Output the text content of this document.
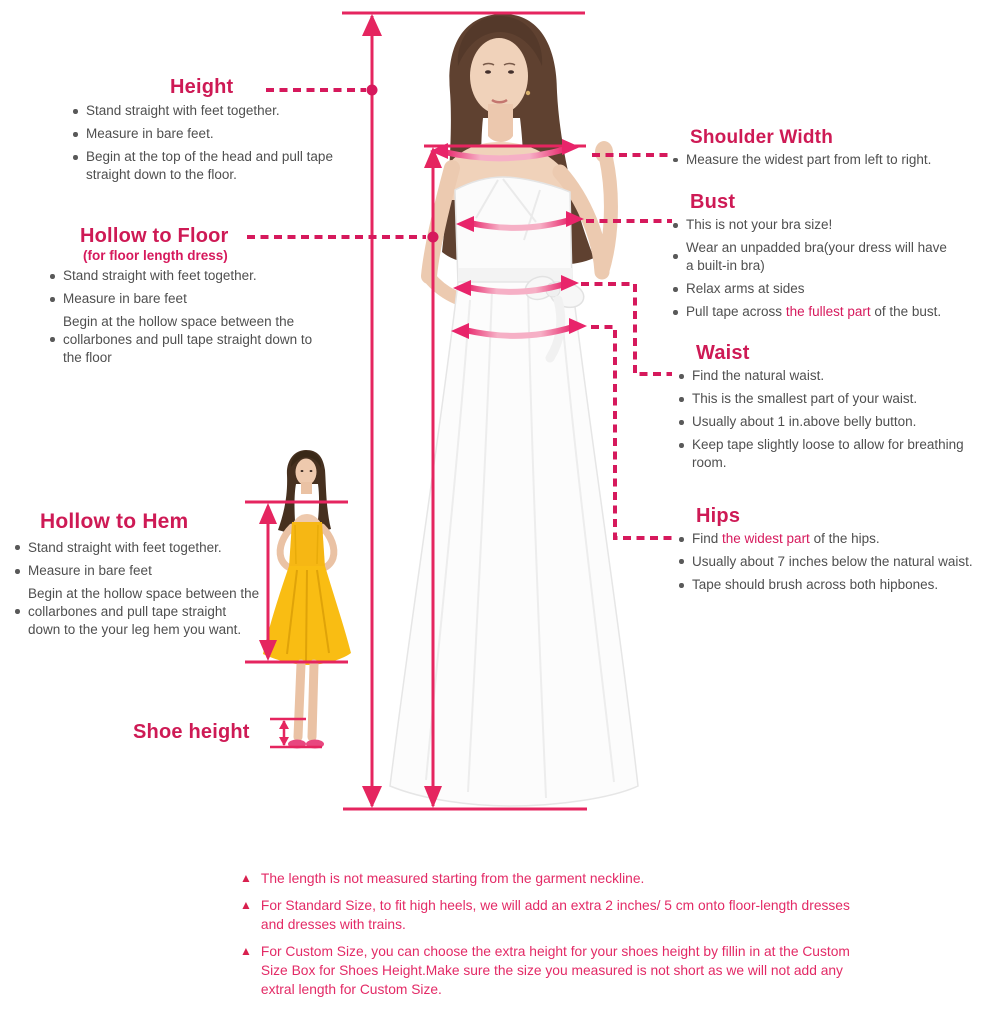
Height
Stand straight with feet together.
Measure in bare feet.
Begin at the top of the head and pull tape straight down to the floor.
Hollow to Floor
(for floor length dress)
Stand straight with feet together.
Measure in bare feet
Begin at the hollow space between the collarbones and pull tape straight down to the floor
Hollow to Hem
Stand straight with feet together.
Measure in bare feet
Begin at the hollow space between the collarbones and pull tape straight down to the your leg hem you want.
Shoe height
Shoulder Width
Measure the widest part from left to right.
Bust
This is not your bra size!
Wear an unpadded bra(your dress will have a built-in bra)
Relax arms at sides
Pull tape across the fullest part of the bust.
Waist
Find the natural waist.
This is the smallest part of your waist.
Usually about 1 in.above belly button.
Keep tape slightly loose to allow for breathing room.
Hips
Find the widest part of the hips.
Usually about 7 inches below the natural waist.
Tape should brush across both hipbones.
▲ The length is not measured starting from the garment neckline.
▲ For Standard Size, to fit high heels, we will add an extra 2 inches/ 5 cm onto floor-length dresses and dresses with trains.
▲ For Custom Size, you can choose the extra height for your shoes height by fillin in at the Custom Size Box for Shoes Height.Make sure the size you measured is not short as we will not add any extral length for Custom Size.
